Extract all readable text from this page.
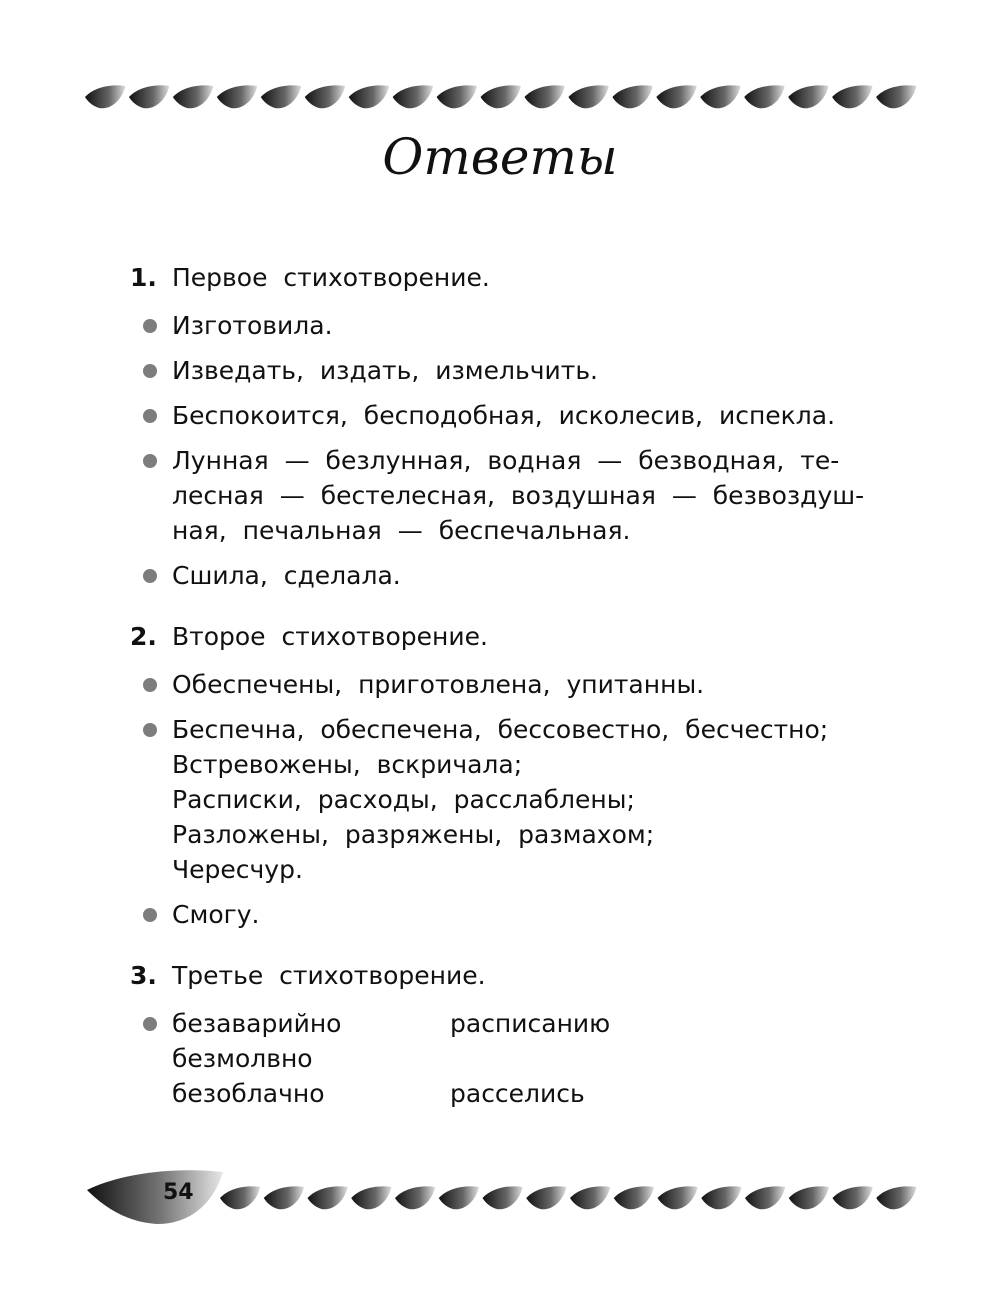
Ответы
1. Первое стихотворение.
Изготовила.
Изведать, издать, измельчить.
Беспокоится, бесподобная, исколесив, испекла.
Лунная — безлунная, водная — безводная, те-
лесная — бестелесная, воздушная — безвоздуш-
ная, печальная — беспечальная.
Сшила, сделала.
2. Второе стихотворение.
Обеспечены, приготовлена, упитанны.
Беспечна, обеспечена, бессовестно, бесчестно;
Встревожены, вскричала;
Расписки, расходы, расслаблены;
Разложены, разряжены, размахом;
Чересчур.
Смогу.
3. Третье стихотворение.
безаварийно	расписанию
безмолвно
безоблачно	расселись
54
